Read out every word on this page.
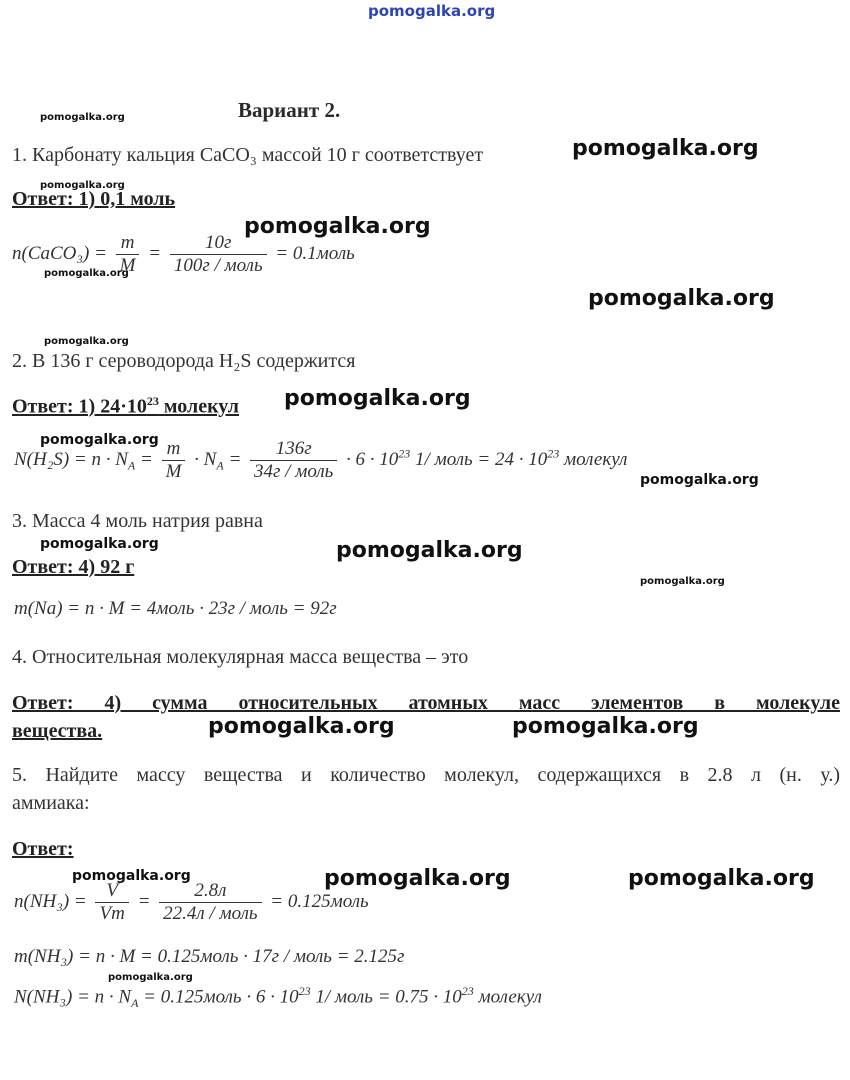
pomogalka.org
Вариант 2.
pomogalka.org
pomogalka.org
pomogalka.org
pomogalka.org
pomogalka.org
pomogalka.org
pomogalka.org
pomogalka.org
pomogalka.org
pomogalka.org
pomogalka.org
pomogalka.org
pomogalka.org
pomogalka.org
pomogalka.org
pomogalka.org	pomogalka.org
pomogalka.org	pomogalka.org
1. Карбонату кальция CaCO₃ массой 10 г соответствует
Ответ: 1) 0,1 моль
n(CaCO₃) = $\frac{m}{M} = \frac{10г}{\text{100г / моль}}$ = 0.1моль
2. В 136 г сероводорода H₂S содержится
Ответ: 1) $24\cdot 10^{23}$ молекул
$N(H_2S) = n \cdot N_A = \frac{m}{M} \cdot N_A = \frac{136г}{\text{34г / моль}} \cdot 6 \cdot 10^{23}$ 1/ моль = $24 \cdot 10^{23}$ молекул
3. Масса 4 моль натрия равна
Ответ: 4) 92 г
m(Na) = n · M = 4моль · 23г / моль = 92г
4. Относительная молекулярная масса вещества – это
Ответ: 4) сумма относительных атомных масс элементов в молекуле
вещества.
5. Найдите массу вещества и количество молекул, содержащихся в 2.8 л (н. у.)
аммиака:
Ответ:
$n(NH_3) = \frac{V}{Vm} = \frac{2.8л}{\text{22.4л / моль}}$ = 0.125моль
m(NH₃) = n · M = 0.125моль · 17г / моль = 2.125г
$N(NH_3) = n \cdot N_A$ = 0.125моль · $6 \cdot 10^{23}$ 1/ моль = $0.75 \cdot 10^{23}$ молекул
